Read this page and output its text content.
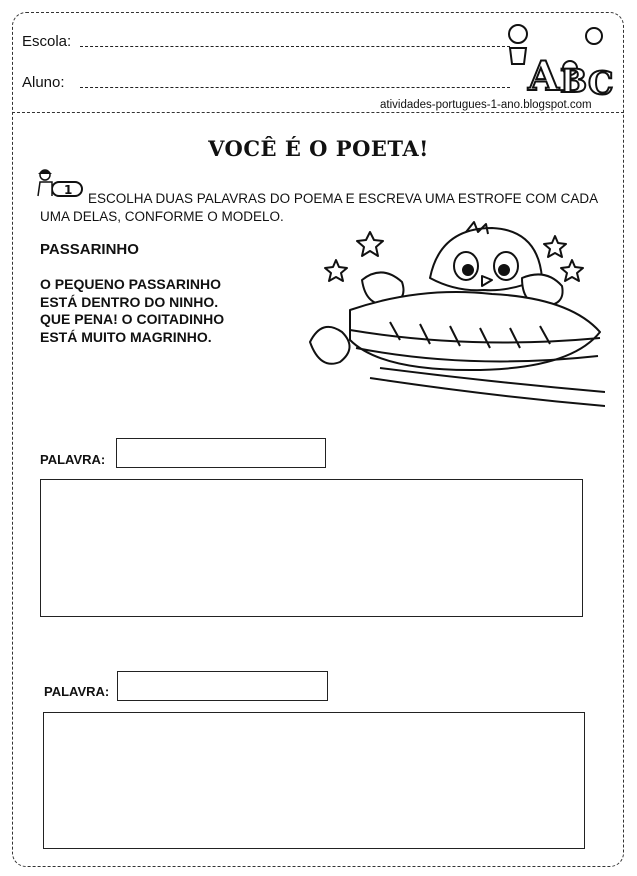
Escola:
Aluno:	A B C
atividades-portugues-1-ano.blogspot.com
VOCÊ É O POETA!
1
ESCOLHA DUAS PALAVRAS DO POEMA E ESCREVA UMA ESTROFE COM CADA UMA DELAS, CONFORME O MODELO.
PASSARINHO
O PEQUENO PASSARINHO
ESTÁ DENTRO DO NINHO.
QUE PENA! O COITADINHO
ESTÁ MUITO MAGRINHO.
PALAVRA:
PALAVRA:
